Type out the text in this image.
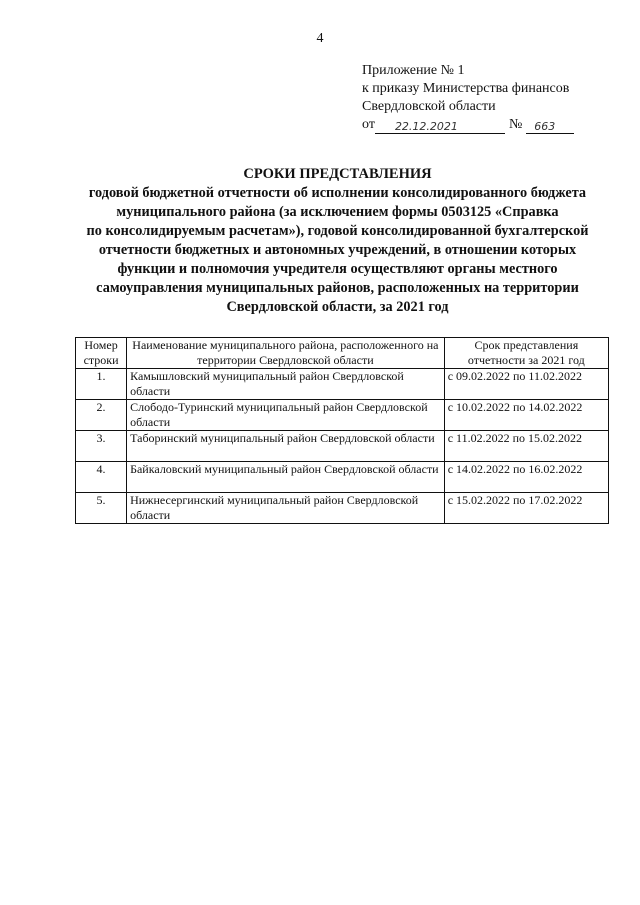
4
Приложение № 1
к приказу Министерства финансов
Свердловской области
от	22.12.2021	№	663
СРОКИ ПРЕДСТАВЛЕНИЯ
годовой бюджетной отчетности об исполнении консолидированного бюджета
муниципального района (за исключением формы 0503125 «Справка
по консолидируемым расчетам»), годовой консолидированной бухгалтерской
отчетности бюджетных и автономных учреждений, в отношении которых
функции и полномочия учредителя осуществляют органы местного
самоуправления муниципальных районов, расположенных на территории
Свердловской области, за 2021 год
Номер строки	Наименование муниципального района, расположенного на территории Свердловской области	Срок представления отчетности за 2021 год
1.	Камышловский муниципальный район Свердловской области	с 09.02.2022 по 11.02.2022
2.	Слободо-Туринский муниципальный район Свердловской области	с 10.02.2022 по 14.02.2022
3.	Таборинский муниципальный район Свердловской области	с 11.02.2022 по 15.02.2022
4.	Байкаловский муниципальный район Свердловской области	с 14.02.2022 по 16.02.2022
5.	Нижнесергинский муниципальный район Свердловской области	с 15.02.2022 по 17.02.2022
